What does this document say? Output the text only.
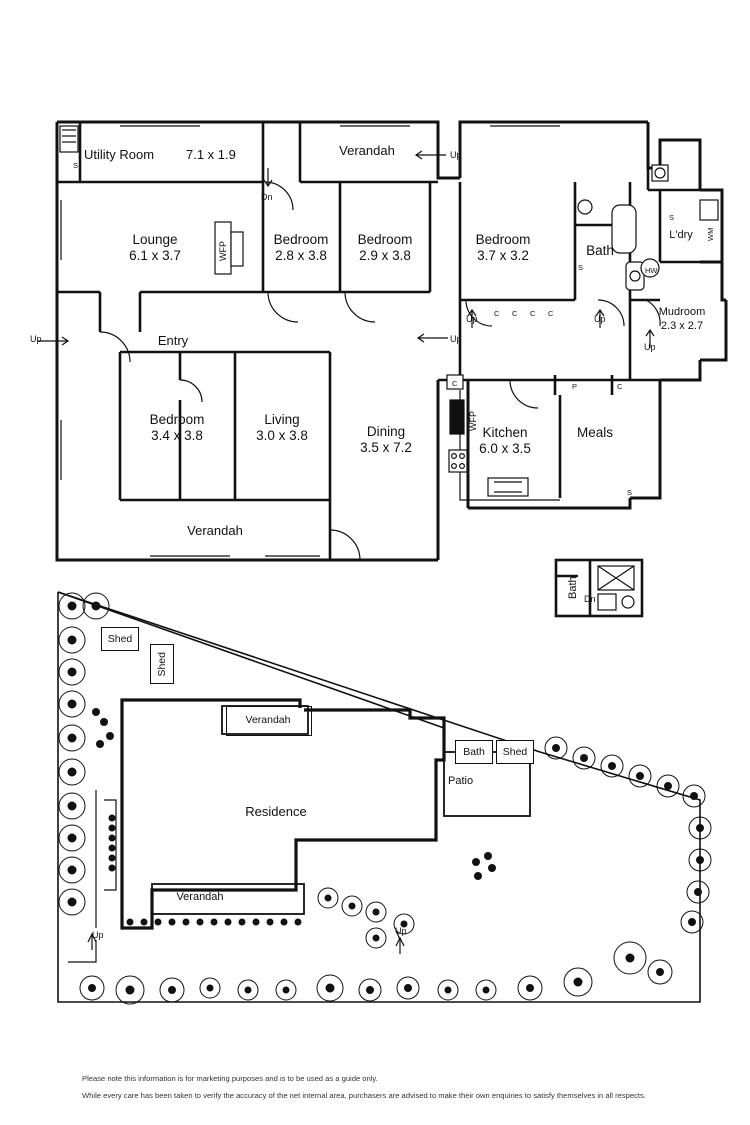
Utility Room 7.1 x 1.9	Verandah
Lounge
6.1 x 3.7
Bedroom
2.8 x 3.8
Bedroom
2.9 x 3.8
Bedroom
3.7 x 3.2	Bath
L'dry
Mudroom
2.3 x 2.7
Entry
Bedroom
3.4 x 3.8
Living
3.0 x 3.8	Dining
3.5 x 7.2
Kitchen
6.0 x 3.5
Meals
Verandah
Bath
Up
Up
Up
Up	Up
Up
Dn
Dn
WFP
WFP
WM
HW
S
S
S
C C C C
C	C
P
S
Shed
Shed
Shed
Bath
Verandah
Verandah
Residence
Patio
Up	Up
Please note this information is for marketing purposes and is to be used as a guide only.
While every care has been taken to verify the accuracy of the net internal area, purchasers are advised to make their own enquiries to satisfy themselves in all respects.
